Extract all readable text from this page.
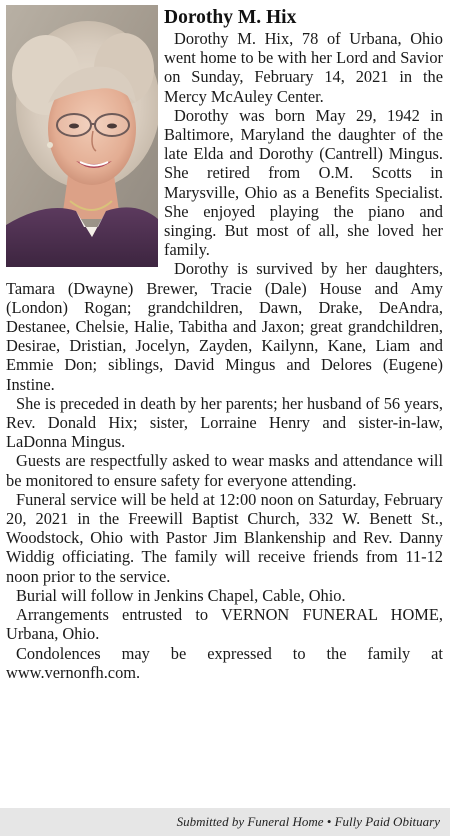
Dorothy M. Hix

Dorothy M. Hix, 78 of Urbana, Ohio went home to be with her Lord and Savior on Sunday, February 14, 2021 in the Mercy McAuley Center.

Dorothy was born May 29, 1942 in Baltimore, Maryland the daughter of the late Elda and Dorothy (Cantrell) Mingus. She retired from O.M. Scotts in Marysville, Ohio as a Benefits Specialist. She enjoyed playing the piano and singing. But most of all, she loved her family.

Dorothy is survived by her daughters, Tamara (Dwayne) Brewer, Tracie (Dale) House and Amy (London) Rogan; grandchildren, Dawn, Drake, DeAndra, Destanee, Chelsie, Halie, Tabitha and Jaxon; great grandchildren, Desirae, Dristian, Jocelyn, Zayden, Kailynn, Kane, Liam and Emmie Don; siblings, David Mingus and Delores (Eugene) Instine.

She is preceded in death by her parents; her husband of 56 years, Rev. Donald Hix; sister, Lorraine Henry and sister-in-law, LaDonna Mingus.

Guests are respectfully asked to wear masks and attendance will be monitored to ensure safety for everyone attending.

Funeral service will be held at 12:00 noon on Saturday, February 20, 2021 in the Freewill Baptist Church, 332 W. Benett St., Woodstock, Ohio with Pastor Jim Blankenship and Rev. Danny Widdig officiating. The family will receive friends from 11-12 noon prior to the service.

Burial will follow in Jenkins Chapel, Cable, Ohio.

Arrangements entrusted to VERNON FUNERAL HOME, Urbana, Ohio.

Condolences may be expressed to the family at www.vernonfh.com.

Submitted by Funeral Home • Fully Paid Obituary
